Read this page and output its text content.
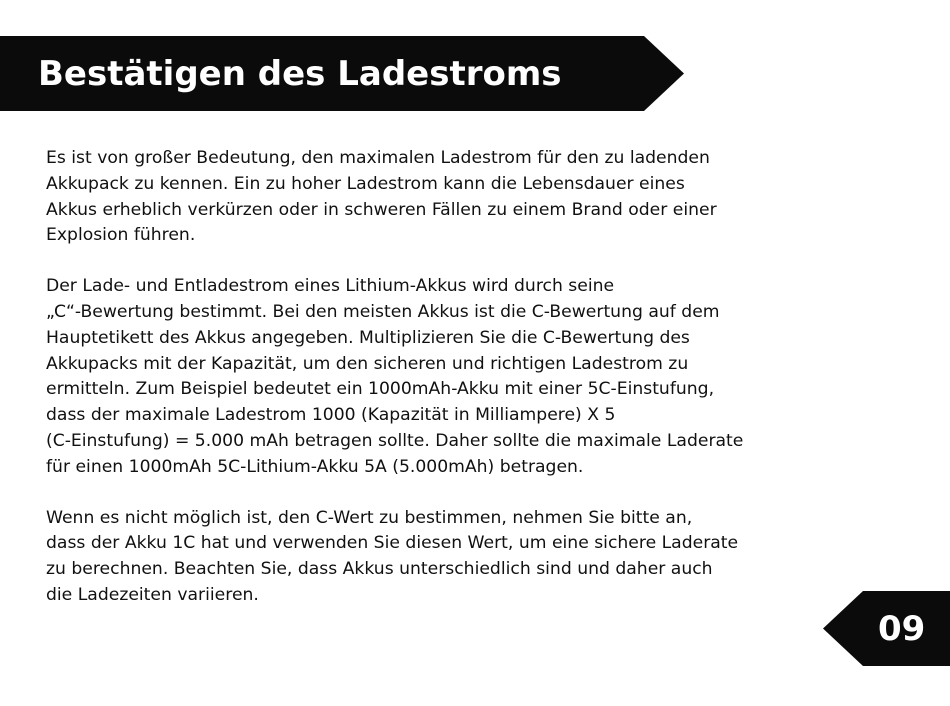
Bestätigen des Ladestroms

Es ist von großer Bedeutung, den maximalen Ladestrom für den zu ladenden
Akkupack zu kennen. Ein zu hoher Ladestrom kann die Lebensdauer eines
Akkus erheblich verkürzen oder in schweren Fällen zu einem Brand oder einer
Explosion führen.

Der Lade- und Entladestrom eines Lithium-Akkus wird durch seine
„C“-Bewertung bestimmt. Bei den meisten Akkus ist die C-Bewertung auf dem
Hauptetikett des Akkus angegeben. Multiplizieren Sie die C-Bewertung des
Akkupacks mit der Kapazität, um den sicheren und richtigen Ladestrom zu
ermitteln. Zum Beispiel bedeutet ein 1000mAh-Akku mit einer 5C-Einstufung,
dass der maximale Ladestrom 1000 (Kapazität in Milliampere) X 5
(C-Einstufung) = 5.000 mAh betragen sollte. Daher sollte die maximale Laderate
für einen 1000mAh 5C-Lithium-Akku 5A (5.000mAh) betragen.

Wenn es nicht möglich ist, den C-Wert zu bestimmen, nehmen Sie bitte an,
dass der Akku 1C hat und verwenden Sie diesen Wert, um eine sichere Laderate
zu berechnen. Beachten Sie, dass Akkus unterschiedlich sind und daher auch
die Ladezeiten variieren.

09
